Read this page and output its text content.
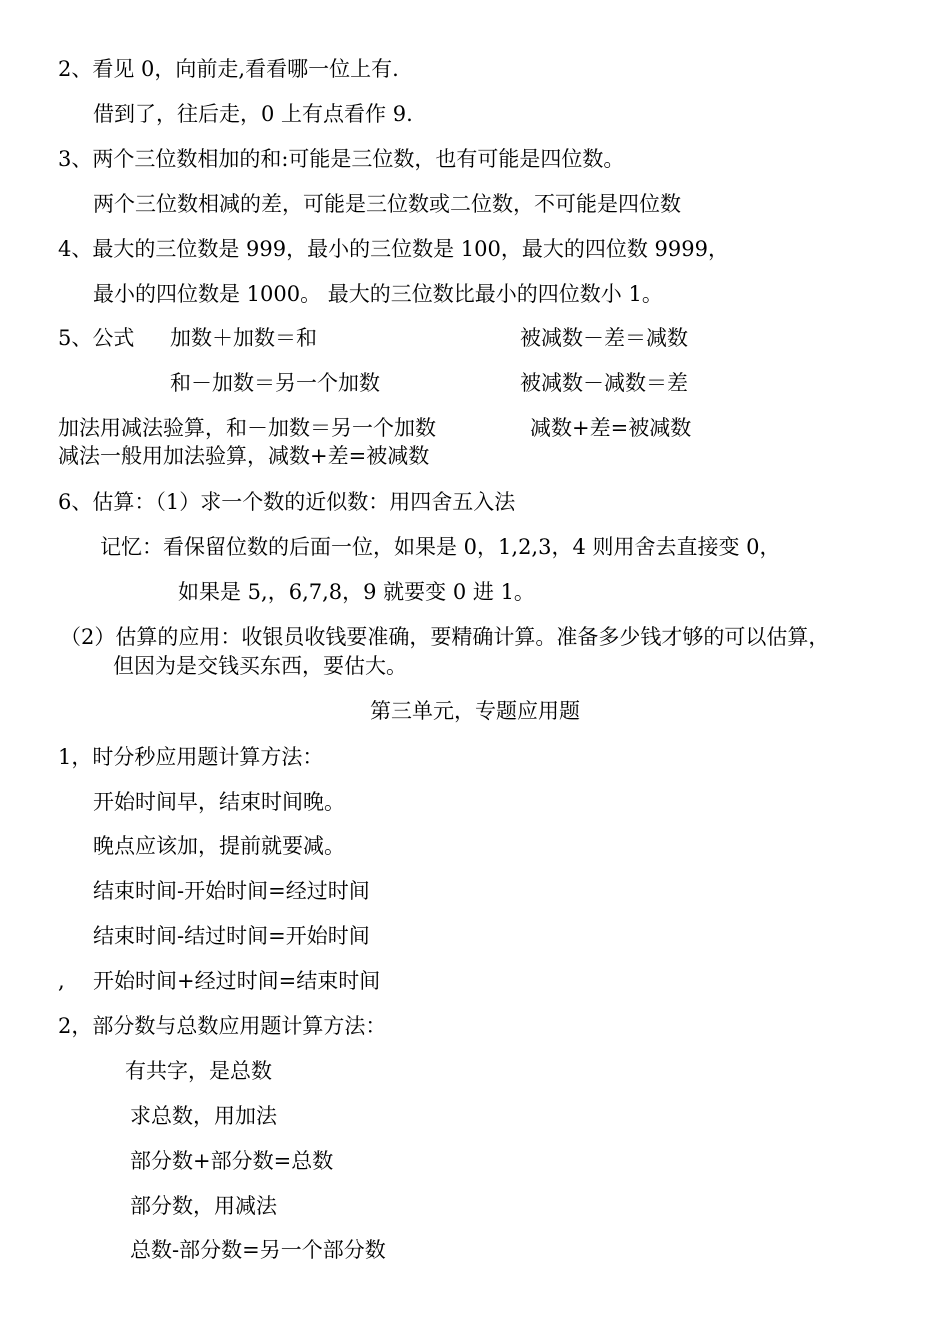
2、看见 0，向前走,看看哪一位上有.
借到了，往后走，0 上有点看作 9.
3、两个三位数相加的和:可能是三位数，也有可能是四位数。
两个三位数相减的差，可能是三位数或二位数，不可能是四位数
4、最大的三位数是 999，最小的三位数是 100，最大的四位数 9999，
最小的四位数是 1000。 最大的三位数比最小的四位数小 1。
5、公式 加数＋加数＝和	被减数－差＝减数
和－加数＝另一个加数	被减数－减数＝差
加法用减法验算，和－加数＝另一个加数	减数+差=被减数
减法一般用加法验算，减数+差=被减数
6、估算：（1）求一个数的近似数：用四舍五入法
记忆：看保留位数的后面一位，如果是 0，1,2,3，4 则用舍去直接变 0，
如果是 5,，6,7,8，9 就要变 0 进 1。
（2）估算的应用：收银员收钱要准确，要精确计算。准备多少钱才够的可以估算，
但因为是交钱买东西，要估大。
第三单元，专题应用题
1，时分秒应用题计算方法：
开始时间早，结束时间晚。
晚点应该加，提前就要减。
结束时间-开始时间=经过时间
结束时间-结过时间=开始时间
, 开始时间+经过时间=结束时间
2，部分数与总数应用题计算方法：
有共字，是总数
求总数，用加法
部分数+部分数=总数
部分数，用减法
总数-部分数=另一个部分数
